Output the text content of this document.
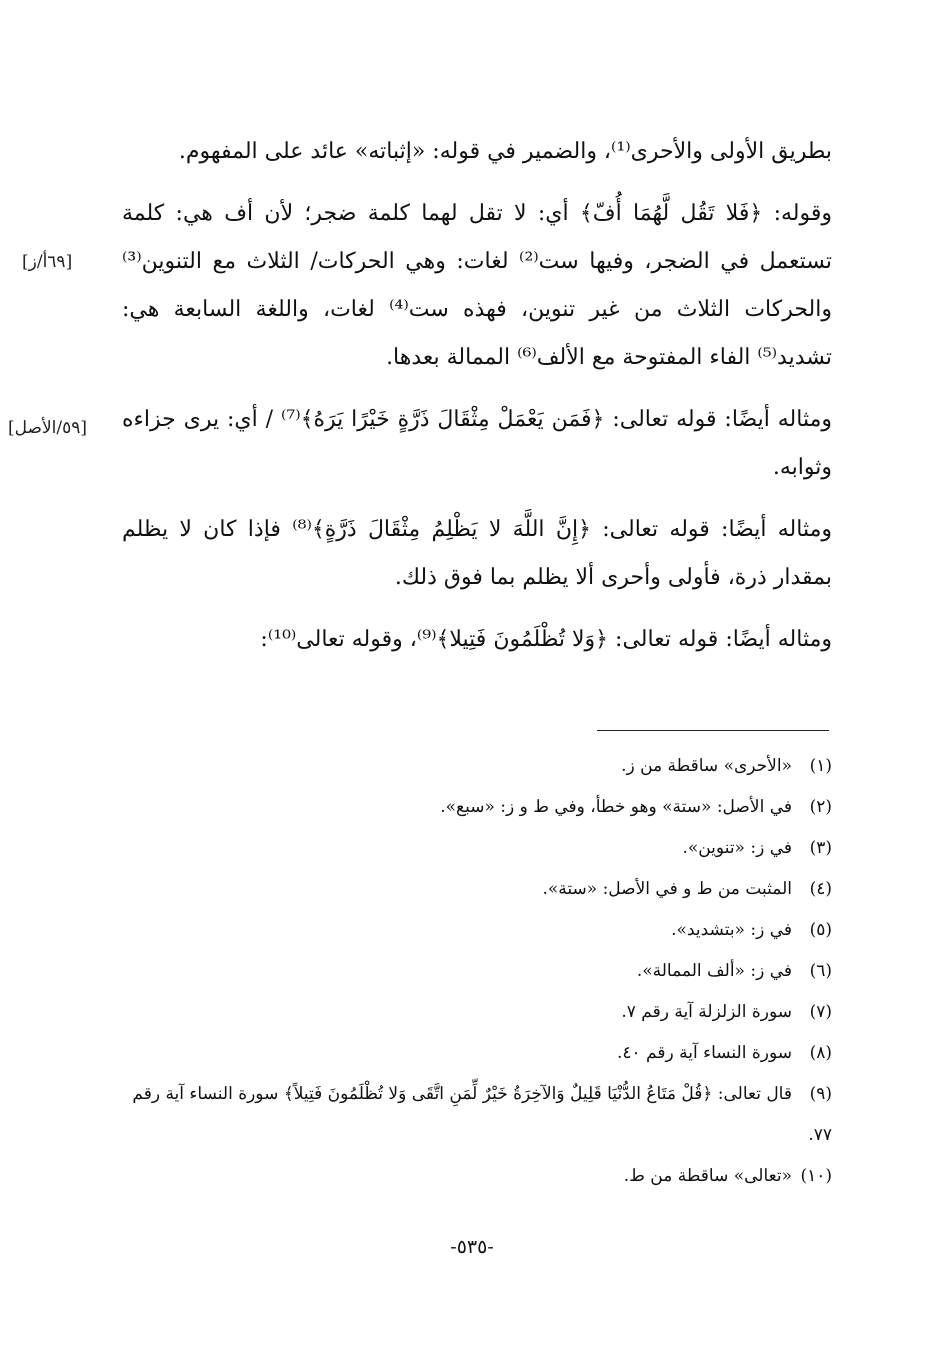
بطريق الأولى والأحرى⁽¹⁾، والضمير في قوله: «إثباته» عائد على المفهوم.

وقوله: ﴿فَلا تَقُل لَّهُمَا أُفّ﴾ أي: لا تقل لهما كلمة ضجر؛ لأن أف هي: كلمة تستعمل في الضجر، وفيها ست⁽²⁾ لغات: وهي الحركات/ الثلاث مع التنوين⁽³⁾ والحركات الثلاث من غير تنوين، فهذه ست⁽⁴⁾ لغات، واللغة السابعة هي: تشديد⁽⁵⁾ الفاء المفتوحة مع الألف⁽⁶⁾ الممالة بعدها.

ومثاله أيضًا: قوله تعالى: ﴿فَمَن يَعْمَلْ مِثْقَالَ ذَرَّةٍ خَيْرًا يَرَهُ﴾⁽⁷⁾ / أي: يرى جزاءه وثوابه.

ومثاله أيضًا: قوله تعالى: ﴿إِنَّ اللَّهَ لا يَظْلِمُ مِثْقَالَ ذَرَّةٍ﴾⁽⁸⁾ فإذا كان لا يظلم بمقدار ذرة، فأولى وأحرى ألا يظلم بما فوق ذلك.

ومثاله أيضًا: قوله تعالى: ﴿وَلا تُظْلَمُونَ فَتِيلا﴾⁽⁹⁾، وقوله تعالى⁽¹⁰⁾:

[٦٩أ/ز]
[٥٩/الأصل]

(١)«الأحرى» ساقطة من ز.

(٢)في الأصل: «ستة» وهو خطأ، وفي ط و ز: «سبع».

(٣)في ز: «تنوين».

(٤)المثبت من ط و في الأصل: «ستة».

(٥)في ز: «بتشديد».

(٦)في ز: «ألف الممالة».

(٧)سورة الزلزلة آية رقم ٧.

(٨)سورة النساء آية رقم ٤٠.

(٩)قال تعالى: ﴿قُلْ مَتَاعُ الدُّنْيَا قَلِيلٌ وَالآخِرَةُ خَيْرٌ لِّمَنِ اتَّقَى وَلا تُظْلَمُونَ فَتِيلاً﴾ سورة النساء آية رقم ٧٧.

(١٠)«تعالى» ساقطة من ط.

-٥٣٥-
